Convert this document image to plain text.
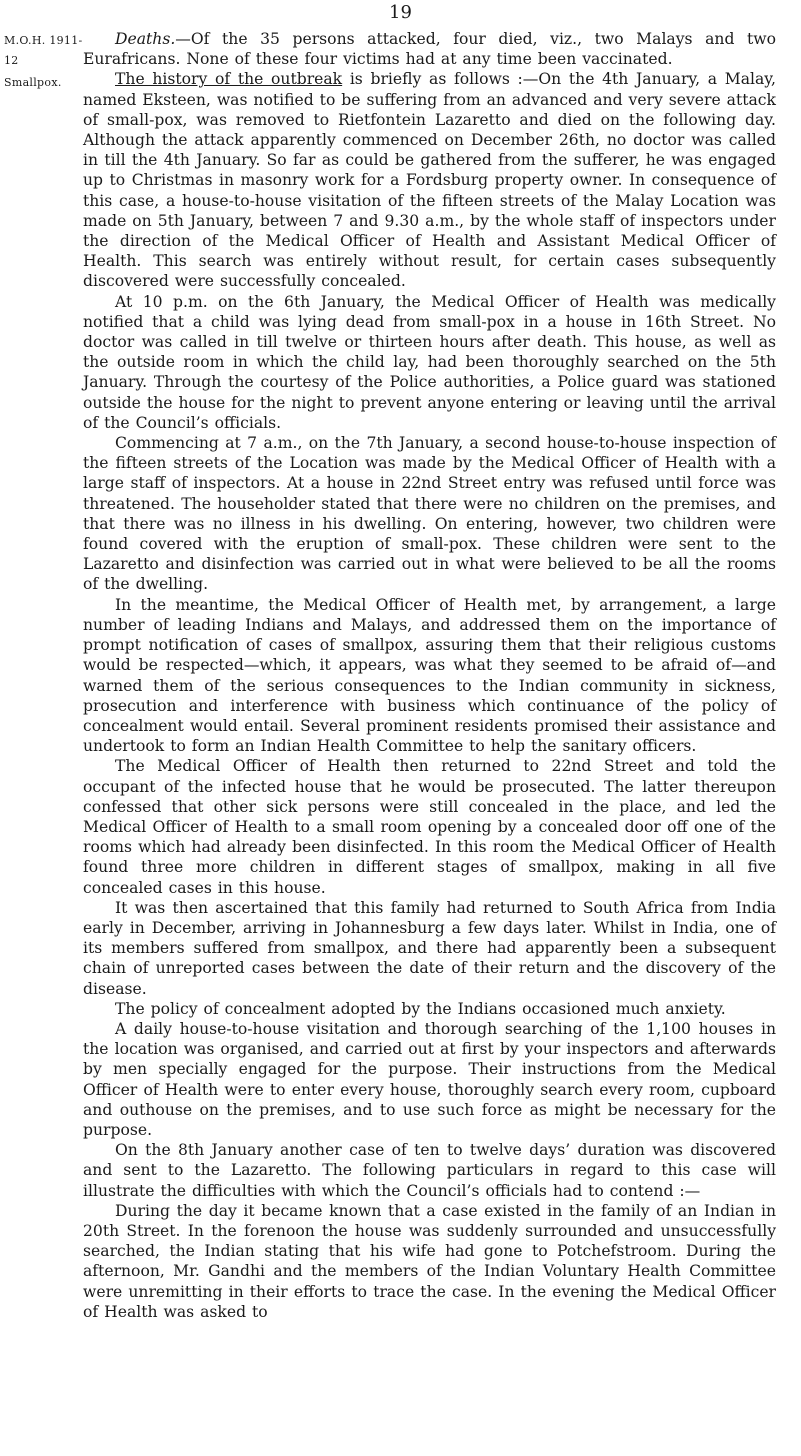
19
M.O.H. 1911-12
Smallpox.

Deaths.—Of the 35 persons attacked, four died, viz., two Malays and two Eurafricans. None of these four victims had at any time been vaccinated.

The history of the outbreak is briefly as follows :—On the 4th January, a Malay, named Eksteen, was notified to be suffering from an advanced and very severe attack of small-pox, was removed to Rietfontein Lazaretto and died on the following day. Although the attack apparently commenced on December 26th, no doctor was called in till the 4th January. So far as could be gathered from the sufferer, he was engaged up to Christmas in masonry work for a Fordsburg property owner. In consequence of this case, a house-to-house visitation of the fifteen streets of the Malay Location was made on 5th January, between 7 and 9.30 a.m., by the whole staff of inspectors under the direction of the Medical Officer of Health and Assistant Medical Officer of Health. This search was entirely without result, for certain cases subsequently discovered were successfully concealed.

At 10 p.m. on the 6th January, the Medical Officer of Health was medically notified that a child was lying dead from small-pox in a house in 16th Street. No doctor was called in till twelve or thirteen hours after death. This house, as well as the outside room in which the child lay, had been thoroughly searched on the 5th January. Through the courtesy of the Police authorities, a Police guard was stationed outside the house for the night to prevent anyone entering or leaving until the arrival of the Council’s officials.

Commencing at 7 a.m., on the 7th January, a second house-to-house inspection of the fifteen streets of the Location was made by the Medical Officer of Health with a large staff of inspectors. At a house in 22nd Street entry was refused until force was threatened. The householder stated that there were no children on the premises, and that there was no illness in his dwelling. On entering, however, two children were found covered with the eruption of small-pox. These children were sent to the Lazaretto and disinfection was carried out in what were believed to be all the rooms of the dwelling.

In the meantime, the Medical Officer of Health met, by arrangement, a large number of leading Indians and Malays, and addressed them on the importance of prompt notification of cases of smallpox, assuring them that their religious customs would be respected—which, it appears, was what they seemed to be afraid of—and warned them of the serious consequences to the Indian community in sickness, prosecution and interference with business which continuance of the policy of concealment would entail. Several prominent residents promised their assistance and undertook to form an Indian Health Committee to help the sanitary officers.

The Medical Officer of Health then returned to 22nd Street and told the occupant of the infected house that he would be prosecuted. The latter thereupon confessed that other sick persons were still concealed in the place, and led the Medical Officer of Health to a small room opening by a concealed door off one of the rooms which had already been disinfected. In this room the Medical Officer of Health found three more children in different stages of smallpox, making in all five concealed cases in this house.

It was then ascertained that this family had returned to South Africa from India early in December, arriving in Johannesburg a few days later. Whilst in India, one of its members suffered from smallpox, and there had apparently been a subsequent chain of unreported cases between the date of their return and the discovery of the disease.

The policy of concealment adopted by the Indians occasioned much anxiety.

A daily house-to-house visitation and thorough searching of the 1,100 houses in the location was organised, and carried out at first by your inspectors and afterwards by men specially engaged for the purpose. Their instructions from the Medical Officer of Health were to enter every house, thoroughly search every room, cupboard and outhouse on the premises, and to use such force as might be necessary for the purpose.

On the 8th January another case of ten to twelve days’ duration was discovered and sent to the Lazaretto. The following particulars in regard to this case will illustrate the difficulties with which the Council’s officials had to contend :—

During the day it became known that a case existed in the family of an Indian in 20th Street. In the forenoon the house was suddenly surrounded and unsuccessfully searched, the Indian stating that his wife had gone to Potchefstroom. During the afternoon, Mr. Gandhi and the members of the Indian Voluntary Health Committee were unremitting in their efforts to trace the case. In the evening the Medical Officer of Health was asked to
